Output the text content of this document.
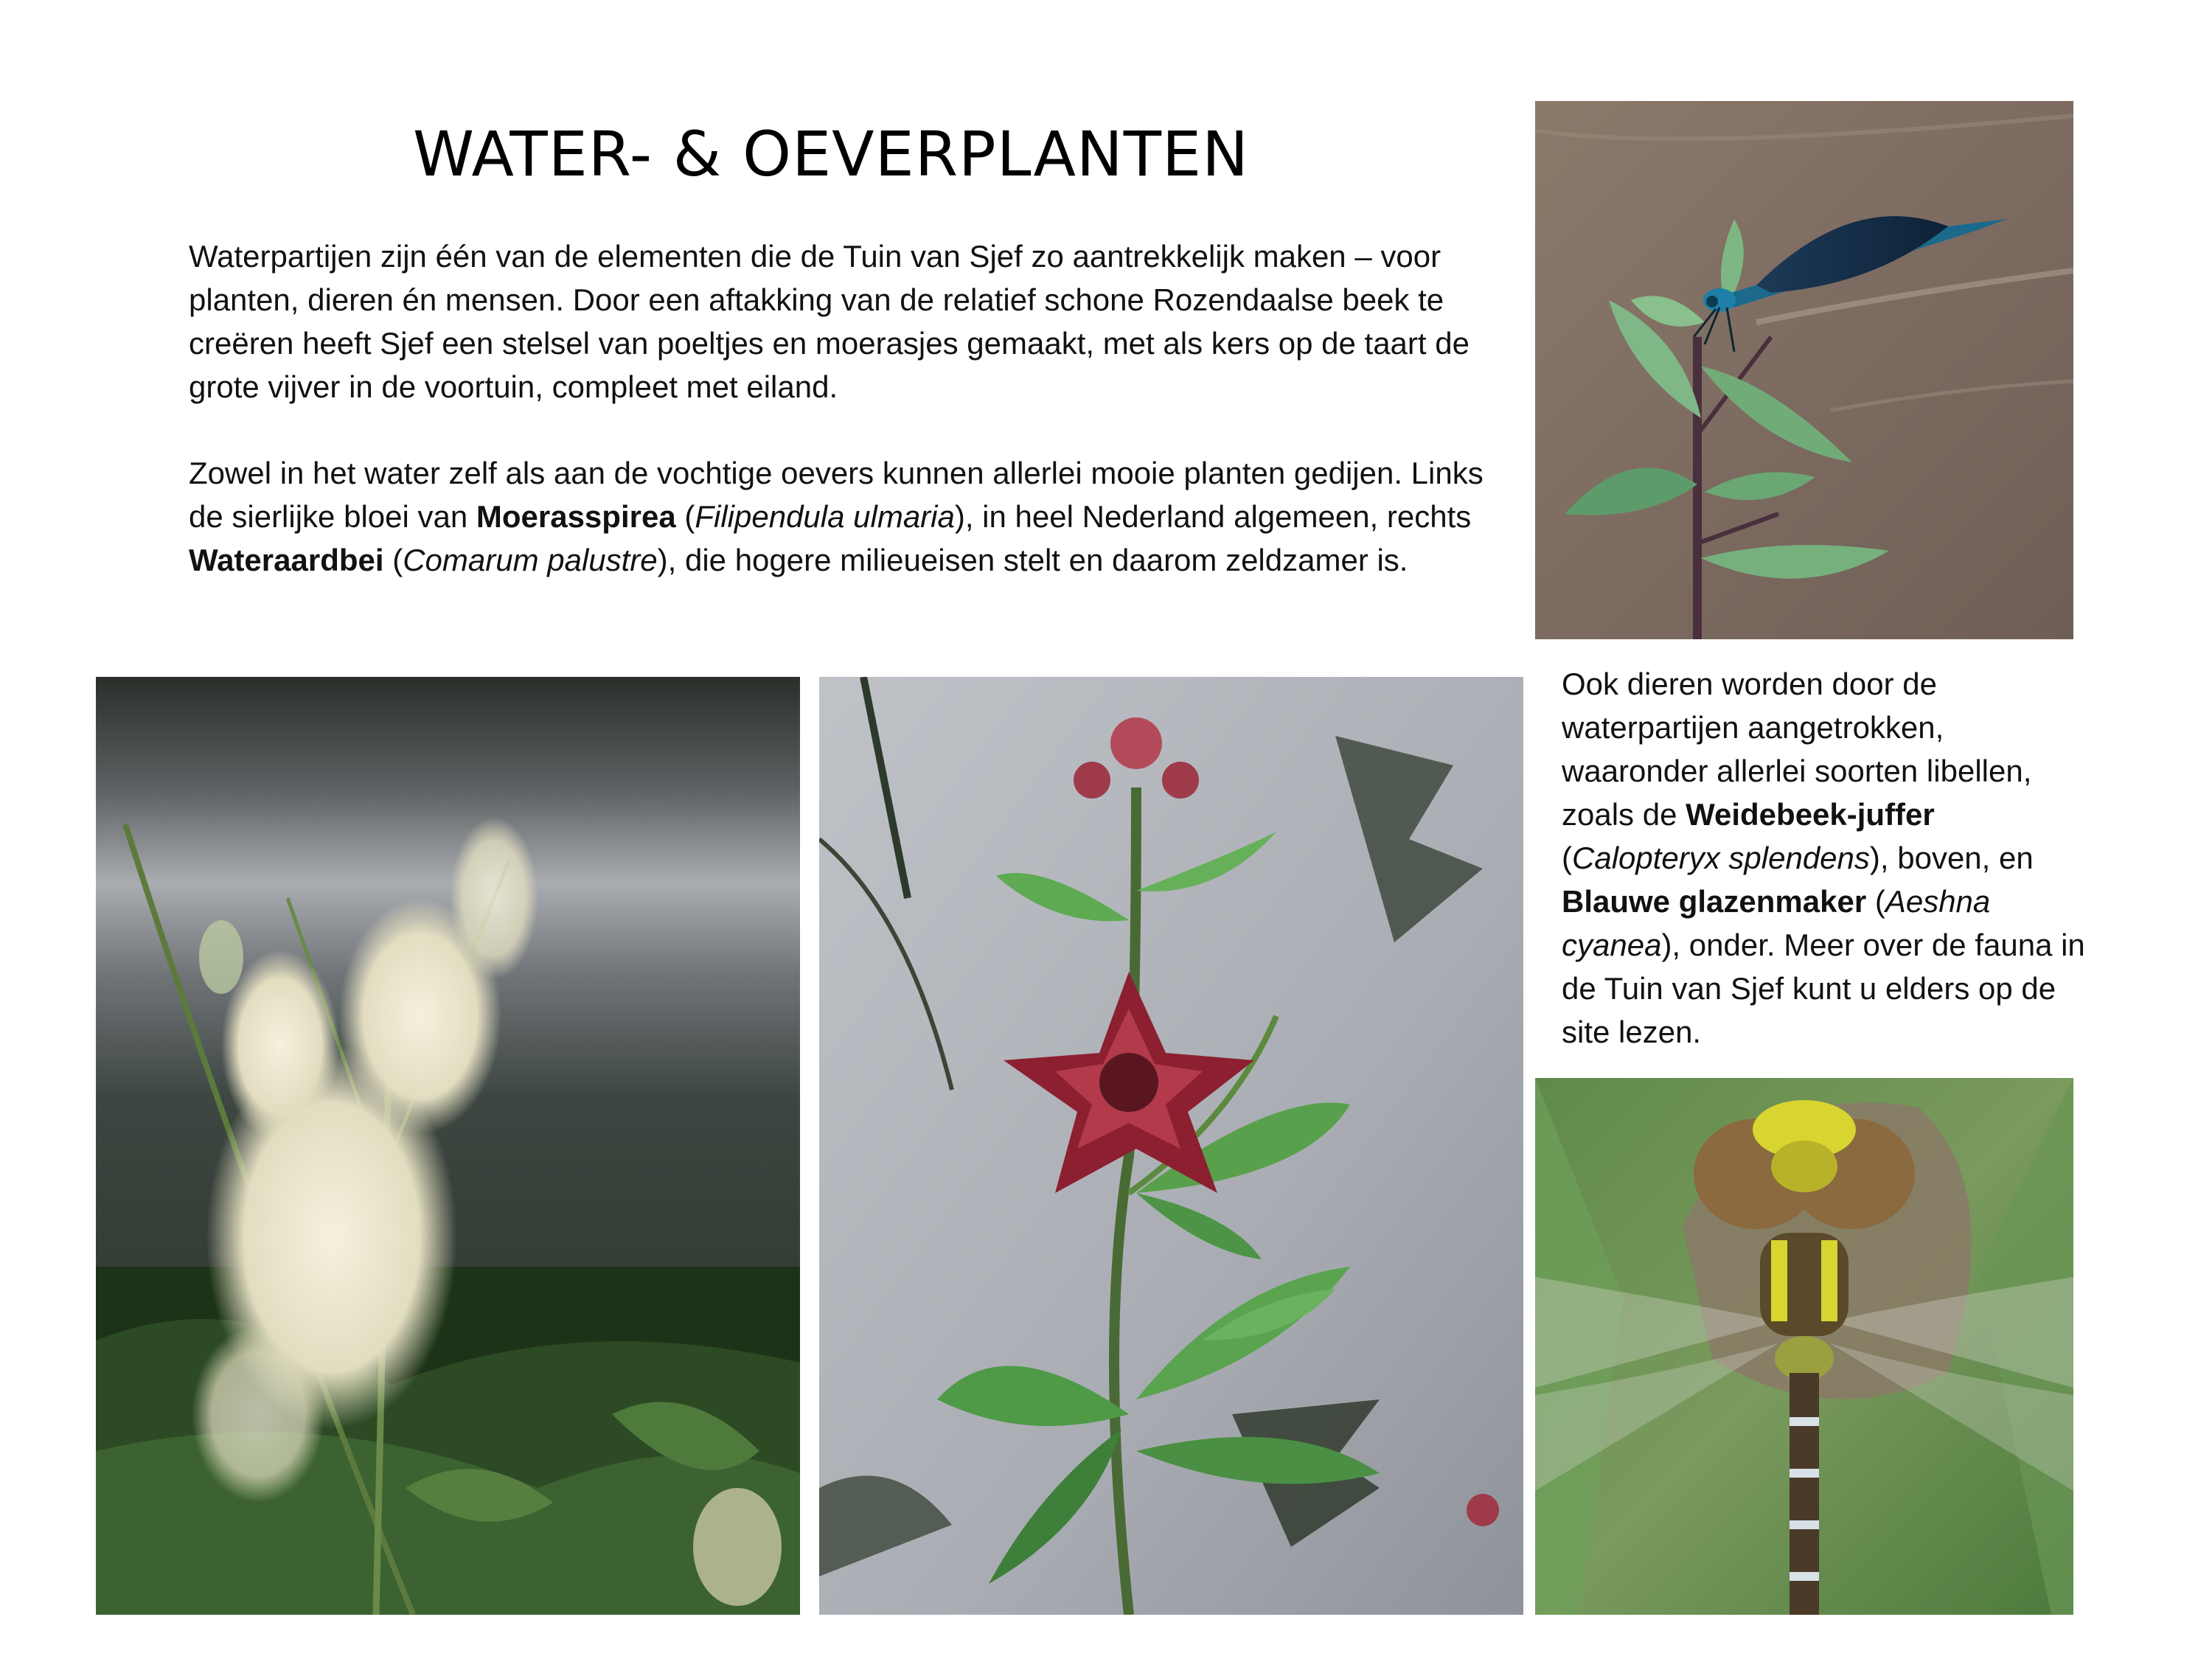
WATER- & OEVERPLANTEN

Waterpartijen zijn één van de elementen die de Tuin van Sjef zo aantrekkelijk maken – voor planten, dieren én mensen. Door een aftakking van de relatief schone Rozendaalse beek te creëren heeft Sjef een stelsel van poeltjes en moerasjes gemaakt, met als kers op de taart de grote vijver in de voortuin, compleet met eiland.

Zowel in het water zelf als aan de vochtige oevers kunnen allerlei mooie planten gedijen. Links de sierlijke bloei van Moerasspirea (Filipendula ulmaria), in heel Nederland algemeen, rechts Wateraardbei (Comarum palustre), die hogere milieueisen stelt en daarom zeldzamer is.

Ook dieren worden door de waterpartijen aangetrokken, waaronder allerlei soorten libellen, zoals de Weidebeek-juffer (Calopteryx splendens), boven, en Blauwe glazenmaker (Aeshna cyanea), onder. Meer over de fauna in de Tuin van Sjef kunt u elders op de site lezen.
